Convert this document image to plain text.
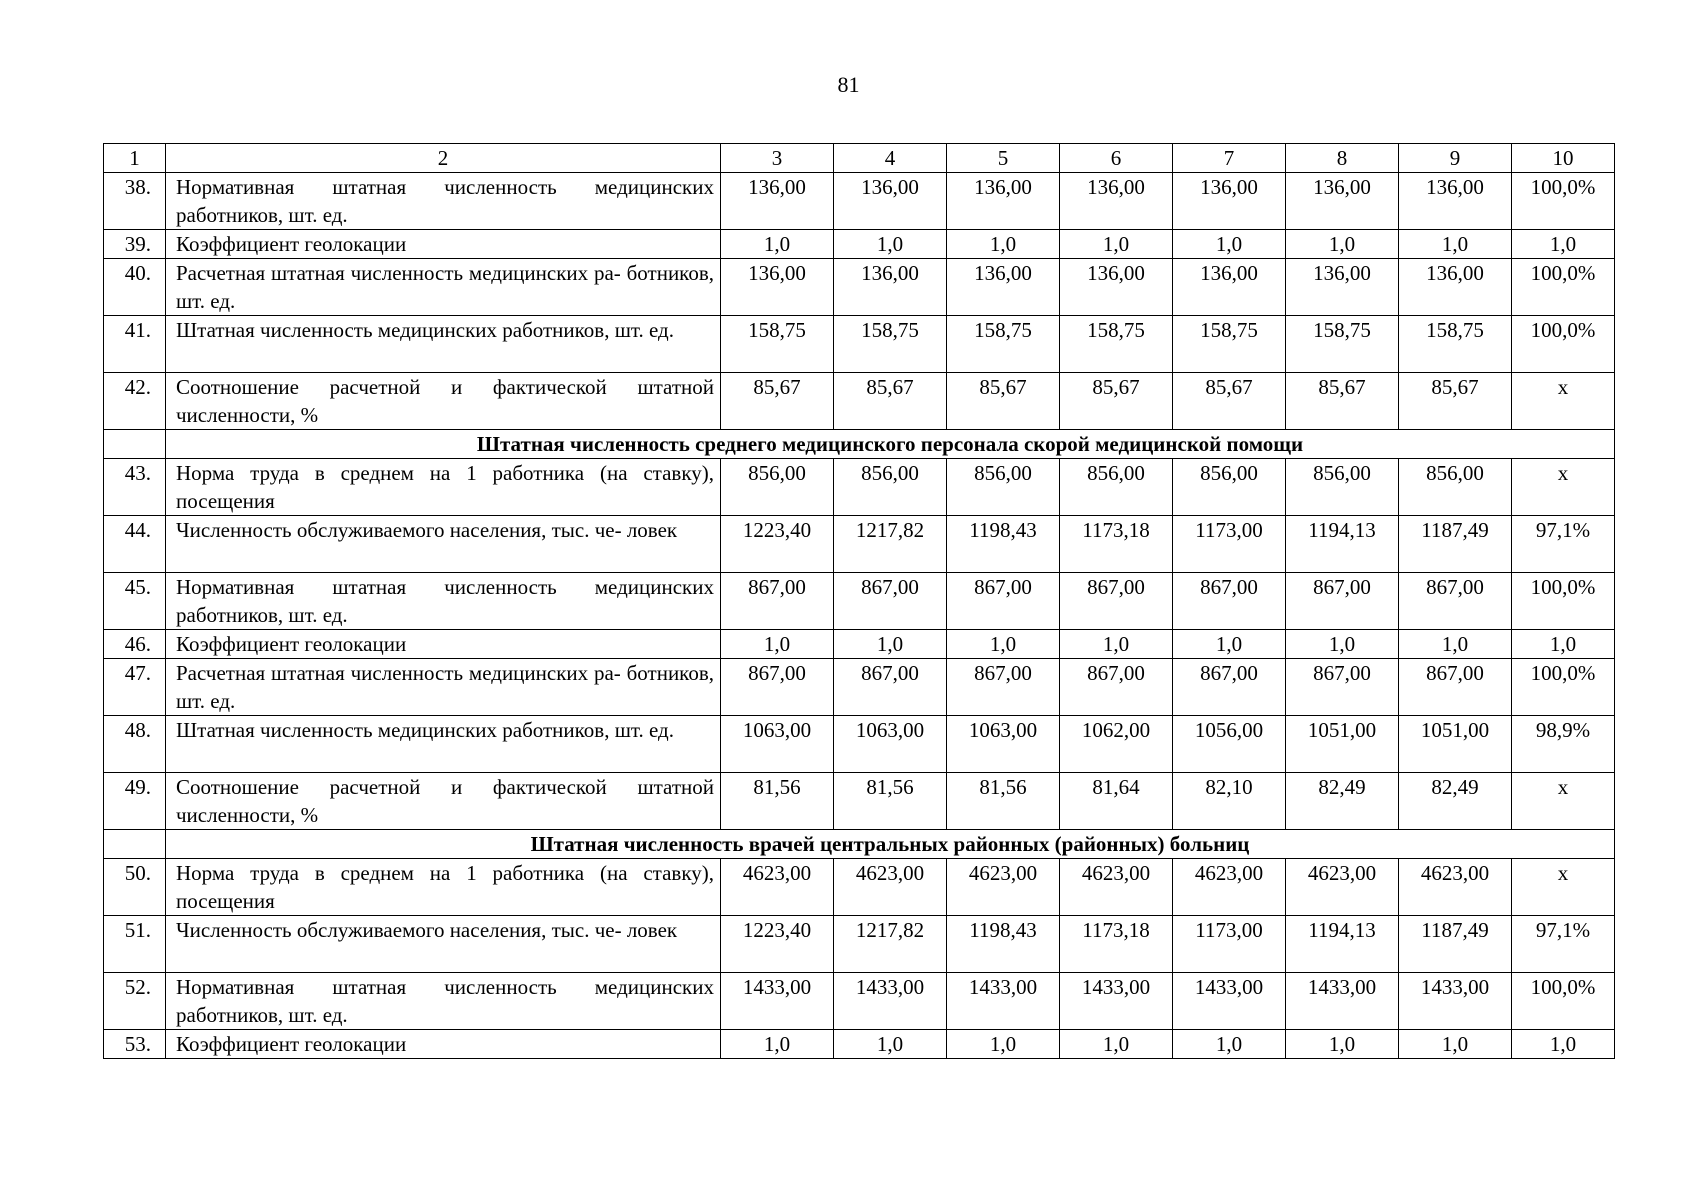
81
1	2	3	4	5	6	7	8	9	10
38.	Нормативная штатная численность медицинских работников, шт. ед.	136,00	136,00	136,00	136,00	136,00	136,00	136,00	100,0%
39.	Коэффициент геолокации	1,0	1,0	1,0	1,0	1,0	1,0	1,0	1,0
40.	Расчетная штатная численность медицинских ра- ботников, шт. ед.	136,00	136,00	136,00	136,00	136,00	136,00	136,00	100,0%
41.	Штатная численность медицинских работников, шт. ед.	158,75	158,75	158,75	158,75	158,75	158,75	158,75	100,0%
42.	Соотношение расчетной и фактической штатной численности, %	85,67	85,67	85,67	85,67	85,67	85,67	85,67	x
	Штатная численность среднего медицинского персонала скорой медицинской помощи								
43.	Норма труда в среднем на 1 работника (на ставку), посещения	856,00	856,00	856,00	856,00	856,00	856,00	856,00	x
44.	Численность обслуживаемого населения, тыс. че- ловек	1223,40	1217,82	1198,43	1173,18	1173,00	1194,13	1187,49	97,1%
45.	Нормативная штатная численность медицинских работников, шт. ед.	867,00	867,00	867,00	867,00	867,00	867,00	867,00	100,0%
46.	Коэффициент геолокации	1,0	1,0	1,0	1,0	1,0	1,0	1,0	1,0
47.	Расчетная штатная численность медицинских ра- ботников, шт. ед.	867,00	867,00	867,00	867,00	867,00	867,00	867,00	100,0%
48.	Штатная численность медицинских работников, шт. ед.	1063,00	1063,00	1063,00	1062,00	1056,00	1051,00	1051,00	98,9%
49.	Соотношение расчетной и фактической штатной численности, %	81,56	81,56	81,56	81,64	82,10	82,49	82,49	x
	Штатная численность врачей центральных районных (районных) больниц								
50.	Норма труда в среднем на 1 работника (на ставку), посещения	4623,00	4623,00	4623,00	4623,00	4623,00	4623,00	4623,00	x
51.	Численность обслуживаемого населения, тыс. че- ловек	1223,40	1217,82	1198,43	1173,18	1173,00	1194,13	1187,49	97,1%
52.	Нормативная штатная численность медицинских работников, шт. ед.	1433,00	1433,00	1433,00	1433,00	1433,00	1433,00	1433,00	100,0%
53.	Коэффициент геолокации	1,0	1,0	1,0	1,0	1,0	1,0	1,0	1,0
